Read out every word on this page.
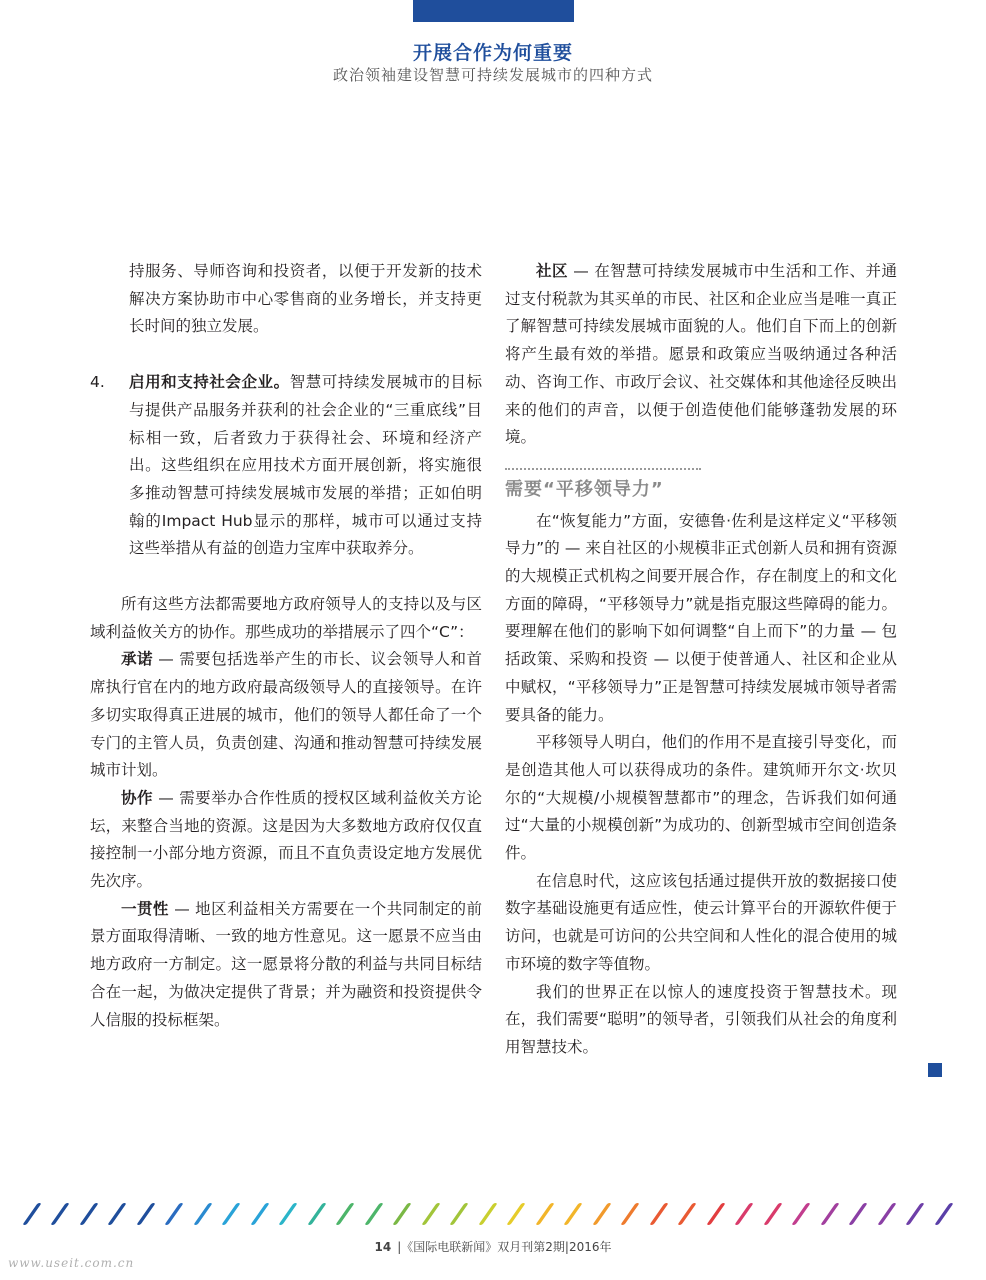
开展合作为何重要
政治领袖建设智慧可持续发展城市的四种方式

持服务、导师咨询和投资者，以便于开发新的技术解决方案协助市中心零售商的业务增长，并支持更长时间的独立发展。

4.	启用和支持社会企业。智慧可持续发展城市的目标与提供产品服务并获利的社会企业的“三重底线”目标相一致，后者致力于获得社会、环境和经济产出。这些组织在应用技术方面开展创新，将实施很多推动智慧可持续发展城市发展的举措；正如伯明翰的Impact Hub显示的那样，城市可以通过支持这些举措从有益的创造力宝库中获取养分。

所有这些方法都需要地方政府领导人的支持以及与区域利益攸关方的协作。那些成功的举措展示了四个“C”：

承诺 — 需要包括选举产生的市长、议会领导人和首席执行官在内的地方政府最高级领导人的直接领导。在许多切实取得真正进展的城市，他们的领导人都任命了一个专门的主管人员，负责创建、沟通和推动智慧可持续发展城市计划。

协作 — 需要举办合作性质的授权区域利益攸关方论坛，来整合当地的资源。这是因为大多数地方政府仅仅直接控制一小部分地方资源，而且不直负责设定地方发展优先次序。

一贯性 — 地区利益相关方需要在一个共同制定的前景方面取得清晰、一致的地方性意见。这一愿景不应当由地方政府一方制定。这一愿景将分散的利益与共同目标结合在一起，为做决定提供了背景；并为融资和投资提供令人信服的投标框架。

社区 — 在智慧可持续发展城市中生活和工作、并通过支付税款为其买单的市民、社区和企业应当是唯一真正了解智慧可持续发展城市面貌的人。他们自下而上的创新将产生最有效的举措。愿景和政策应当吸纳通过各种活动、咨询工作、市政厅会议、社交媒体和其他途径反映出来的他们的声音，以便于创造使他们能够蓬勃发展的环境。

需要“平移领导力”

在“恢复能力”方面，安德鲁·佐利是这样定义“平移领导力”的 — 来自社区的小规模非正式创新人员和拥有资源的大规模正式机构之间要开展合作，存在制度上的和文化方面的障碍，“平移领导力”就是指克服这些障碍的能力。要理解在他们的影响下如何调整“自上而下”的力量 — 包括政策、采购和投资 — 以便于使普通人、社区和企业从中赋权，“平移领导力”正是智慧可持续发展城市领导者需要具备的能力。

平移领导人明白，他们的作用不是直接引导变化，而是创造其他人可以获得成功的条件。建筑师开尔文·坎贝尔的“大规模/小规模智慧都市”的理念，告诉我们如何通过“大量的小规模创新”为成功的、创新型城市空间创造条件。

在信息时代，这应该包括通过提供开放的数据接口使数字基础设施更有适应性，使云计算平台的开源软件便于访问，也就是可访问的公共空间和人性化的混合使用的城市环境的数字等值物。

我们的世界正在以惊人的速度投资于智慧技术。现在，我们需要“聪明”的领导者，引领我们从社会的角度利用智慧技术。

14 |《国际电联新闻》双月刊第2期|2016年
www.useit.com.cn
